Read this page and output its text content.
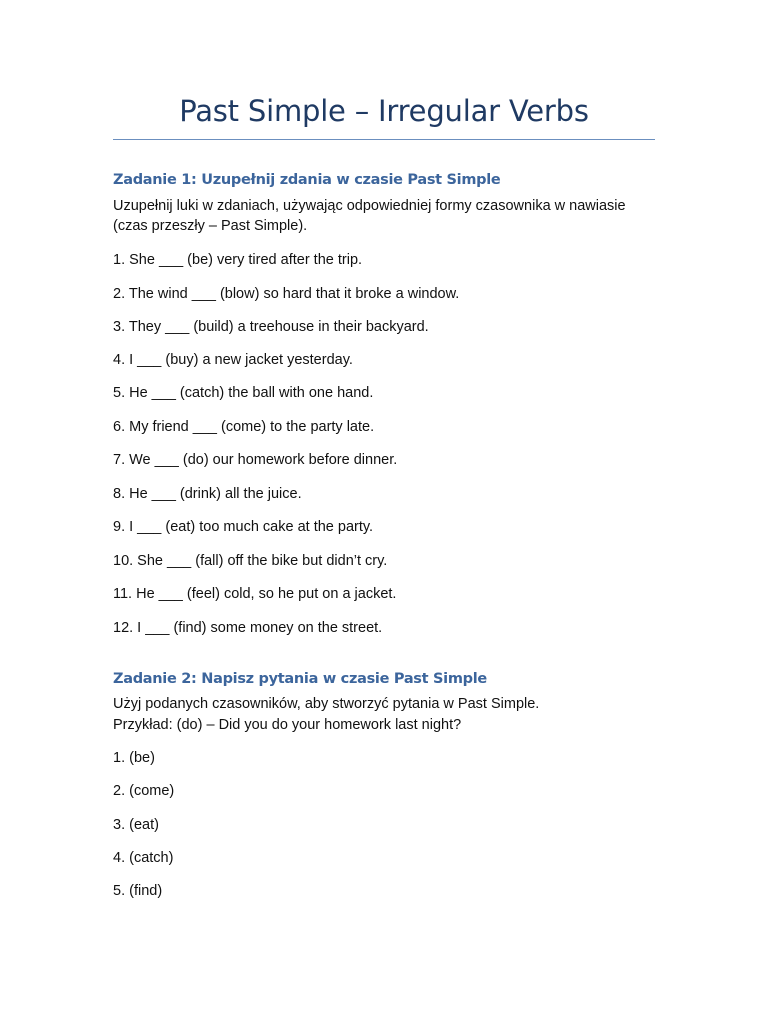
Past Simple – Irregular Verbs
Zadanie 1: Uzupełnij zdania w czasie Past Simple
Uzupełnij luki w zdaniach, używając odpowiedniej formy czasownika w nawiasie
(czas przeszły – Past Simple).
1. She ___ (be) very tired after the trip.
2. The wind ___ (blow) so hard that it broke a window.
3. They ___ (build) a treehouse in their backyard.
4. I ___ (buy) a new jacket yesterday.
5. He ___ (catch) the ball with one hand.
6. My friend ___ (come) to the party late.
7. We ___ (do) our homework before dinner.
8. He ___ (drink) all the juice.
9. I ___ (eat) too much cake at the party.
10. She ___ (fall) off the bike but didn’t cry.
11. He ___ (feel) cold, so he put on a jacket.
12. I ___ (find) some money on the street.
Zadanie 2: Napisz pytania w czasie Past Simple
Użyj podanych czasowników, aby stworzyć pytania w Past Simple.
Przykład: (do) – Did you do your homework last night?
1. (be)
2. (come)
3. (eat)
4. (catch)
5. (find)
